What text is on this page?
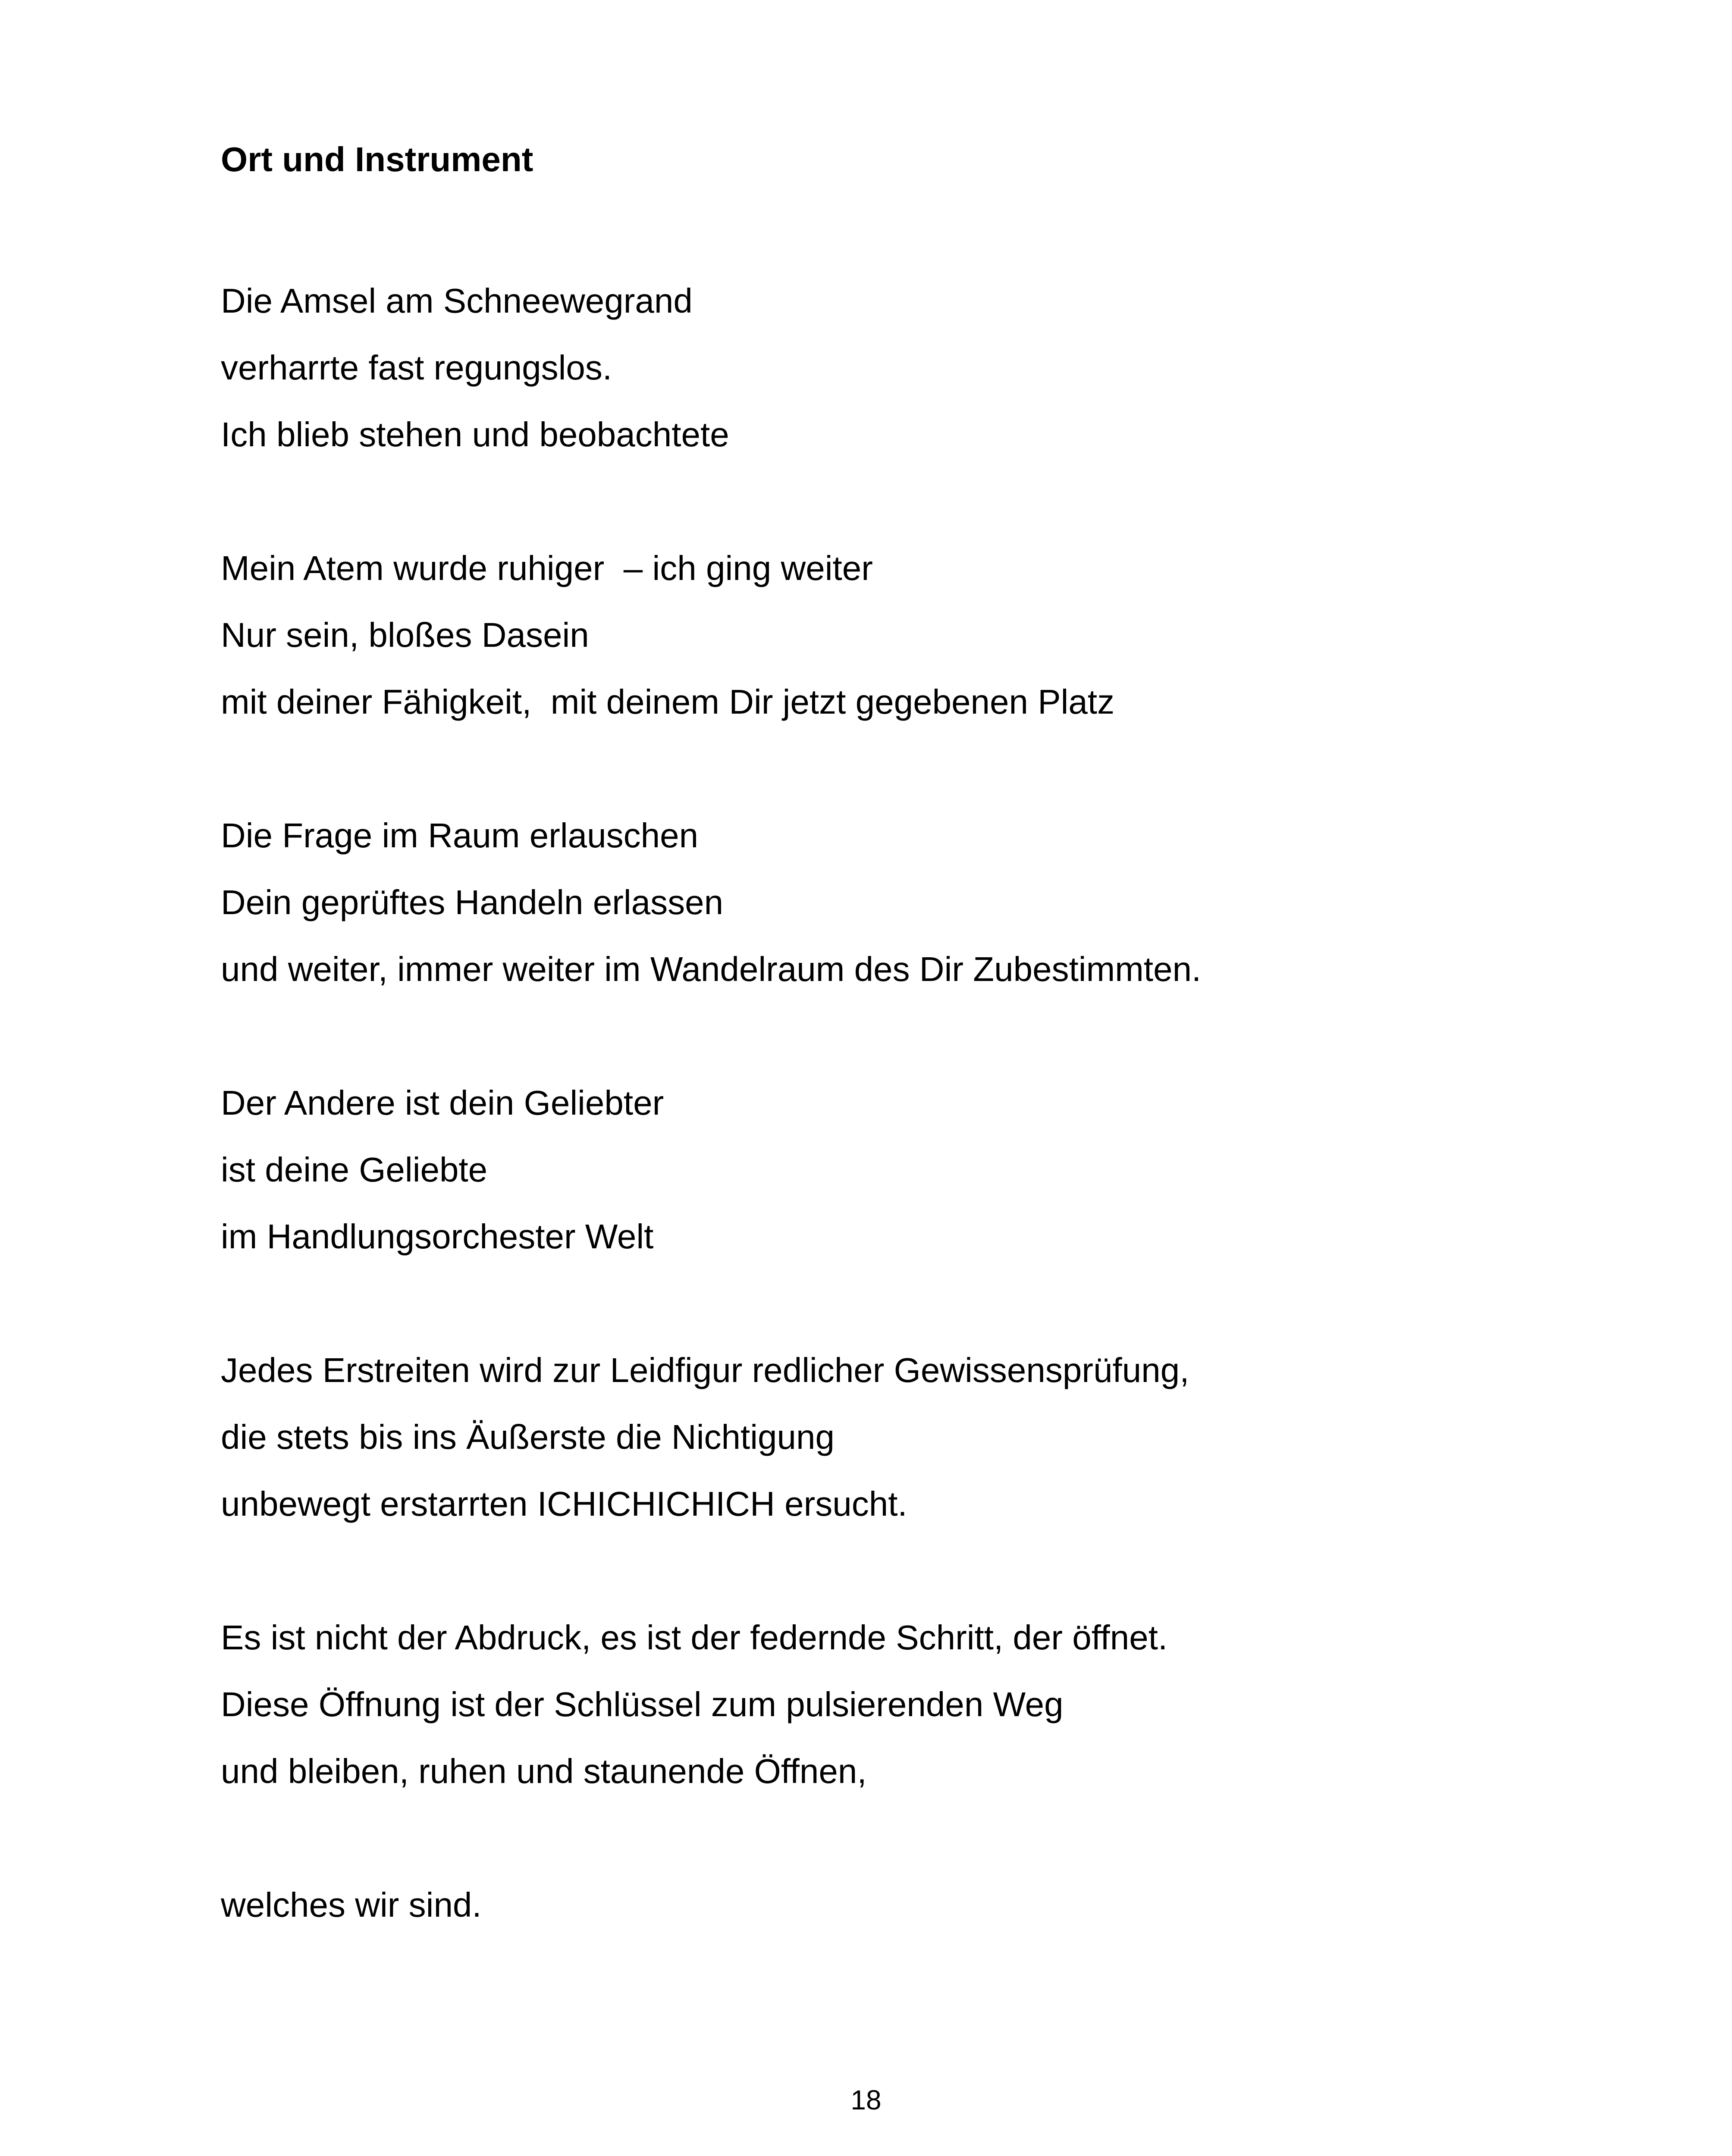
Ort und Instrument
Die Amsel am Schneewegrand
verharrte fast regungslos.
Ich blieb stehen und beobachtete
Mein Atem wurde ruhiger  – ich ging weiter
Nur sein, bloßes Dasein
mit deiner Fähigkeit,  mit deinem Dir jetzt gegebenen Platz
Die Frage im Raum erlauschen
Dein geprüftes Handeln erlassen
und weiter, immer weiter im Wandelraum des Dir Zubestimmten.
Der Andere ist dein Geliebter
ist deine Geliebte
im Handlungsorchester Welt
Jedes Erstreiten wird zur Leidfigur redlicher Gewissensprüfung,
die stets bis ins Äußerste die Nichtigung
unbewegt erstarrten ICHICHICHICH ersucht.
Es ist nicht der Abdruck, es ist der federnde Schritt, der öffnet.
Diese Öffnung ist der Schlüssel zum pulsierenden Weg
und bleiben, ruhen und staunende Öffnen,
welches wir sind.
18
